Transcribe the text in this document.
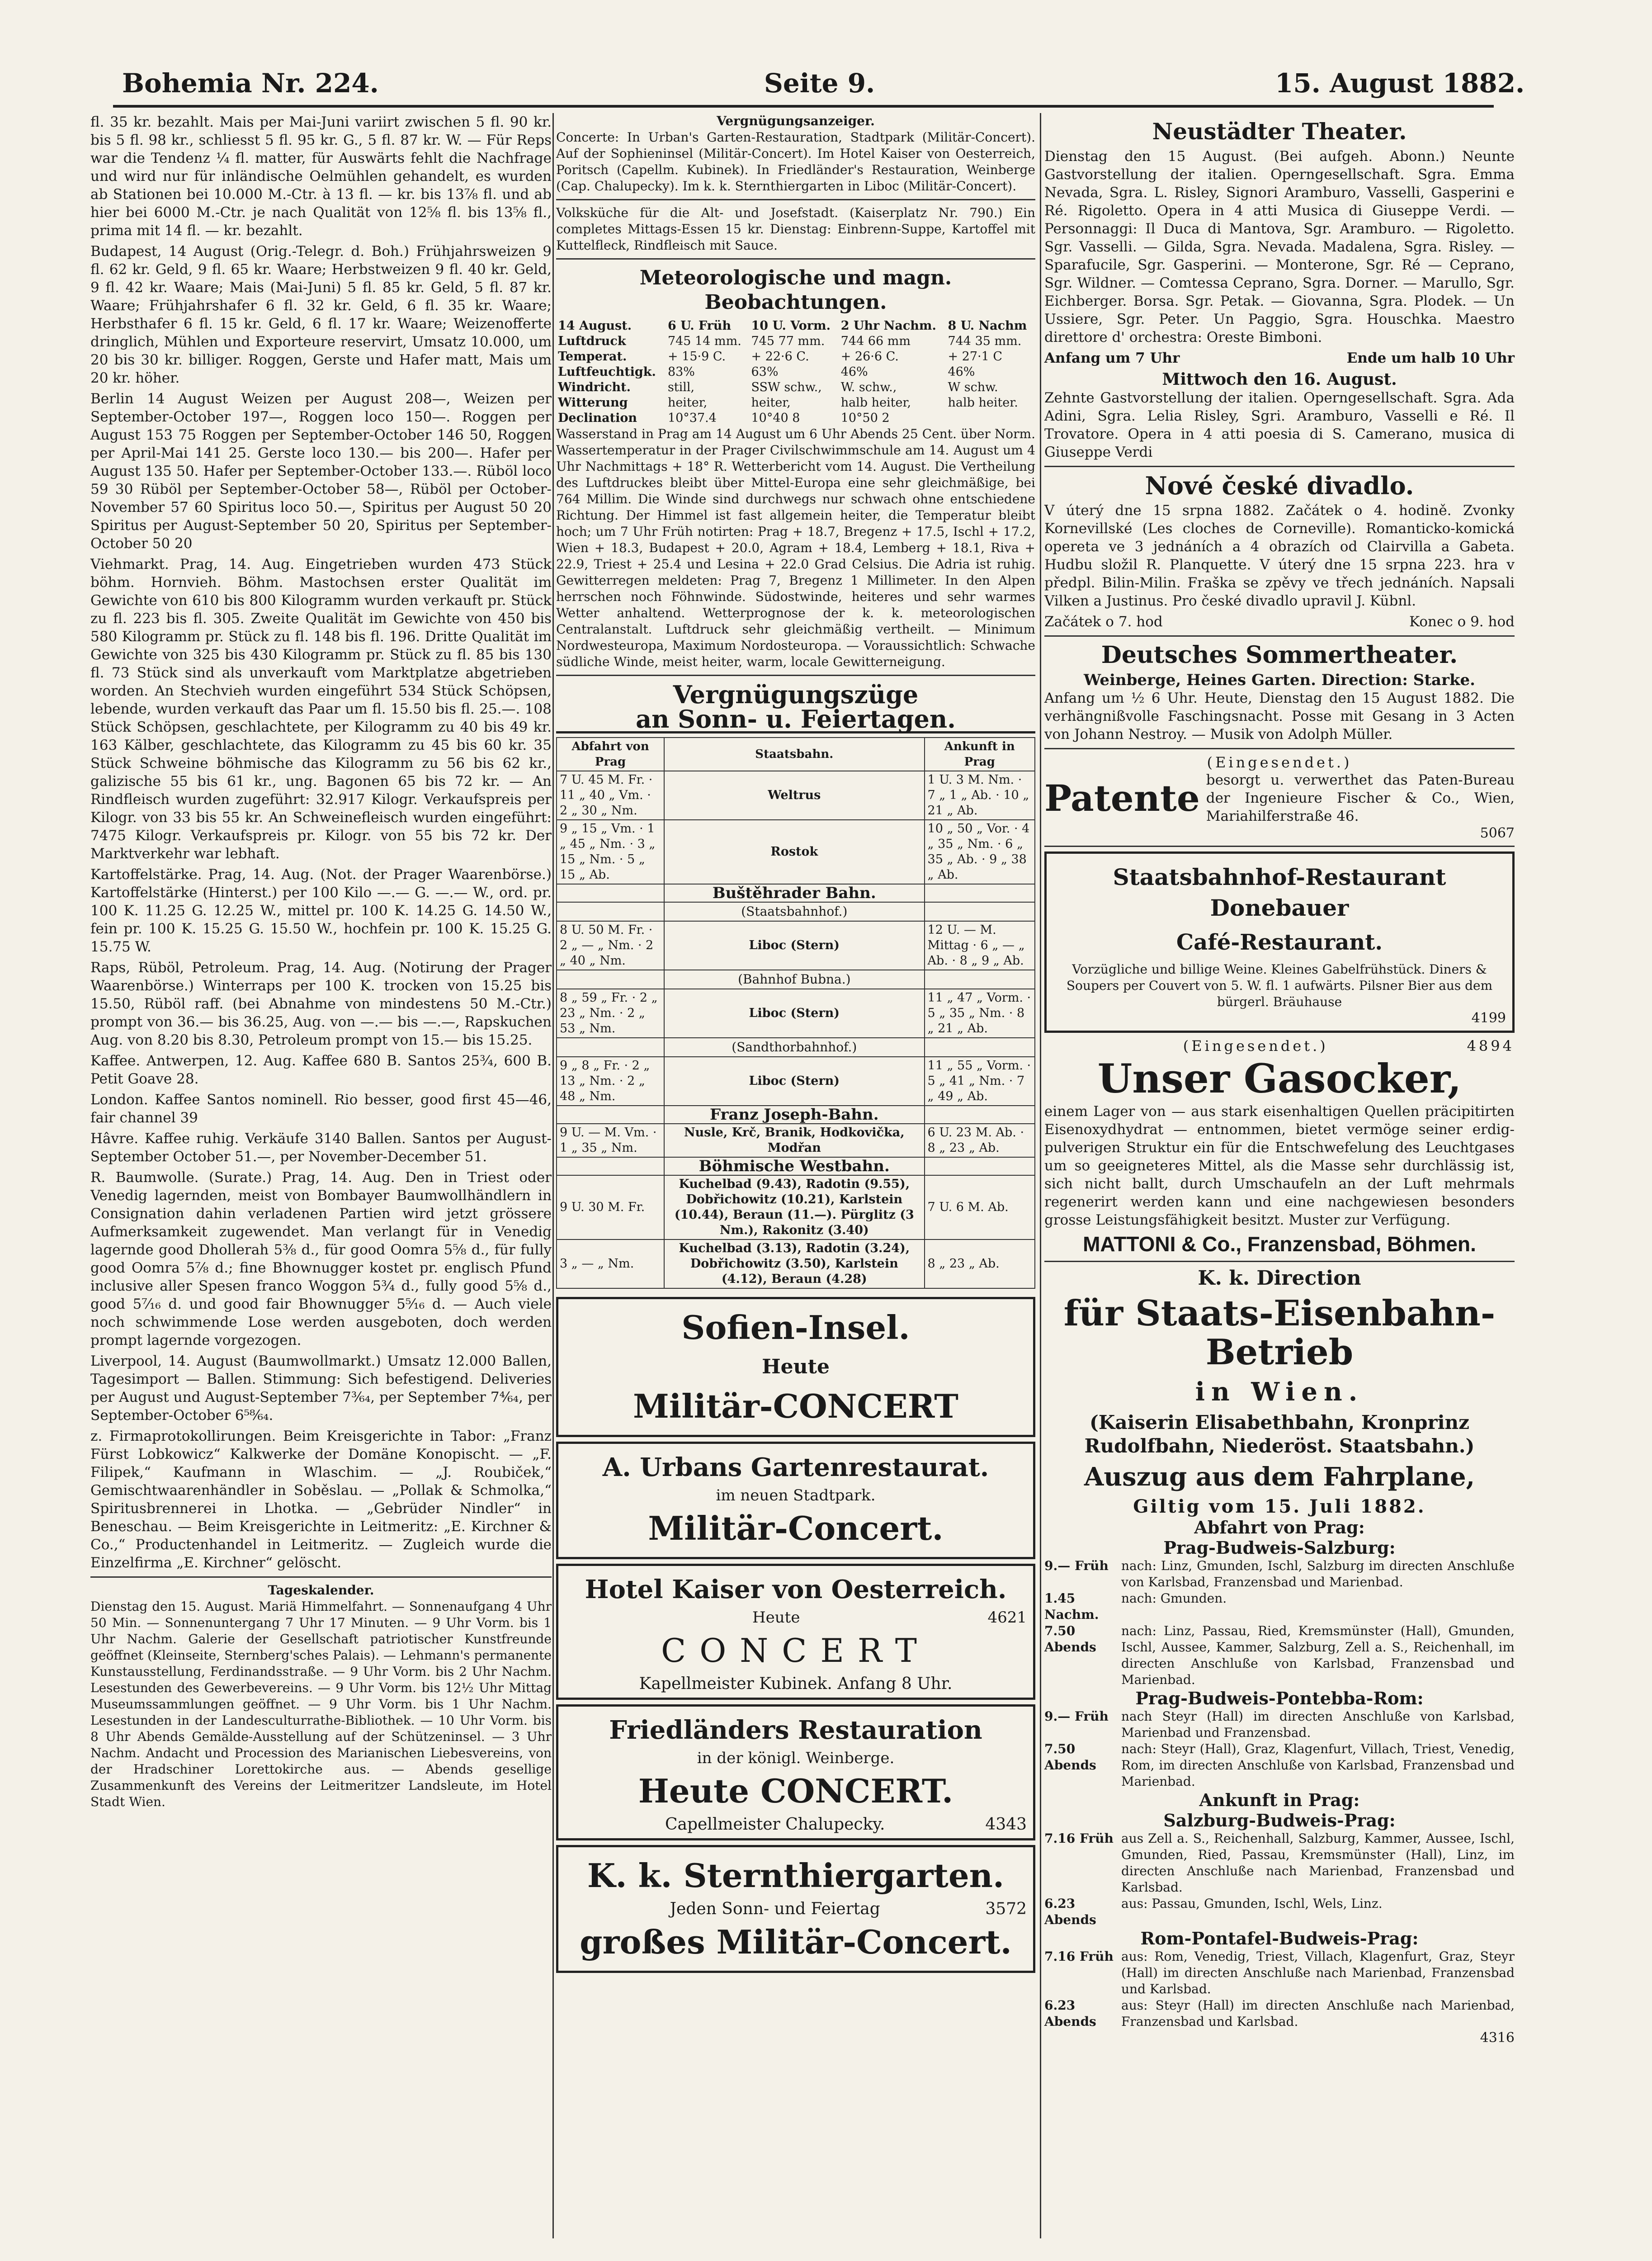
Bohemia Nr. 224.	Seite 9.	15. August 1882.
fl. 35 kr. bezahlt. Mais per Mai-Juni variirt zwischen 5 fl. 90 kr. bis 5 fl. 98 kr., schliesst 5 fl. 95 kr. G., 5 fl. 87 kr. W. — Für Reps war die Tendenz ¼ fl. matter, für Auswärts fehlt die Nachfrage und wird nur für inländische Oelmühlen gehandelt, es wurden ab Stationen bei 10.000 M.-Ctr. à 13 fl. — kr. bis 13⅞ fl. und ab hier bei 6000 M.-Ctr. je nach Qualität von 12⅝ fl. bis 13⅝ fl., prima mit 14 fl. — kr. bezahlt.
Budapest, 14 August (Orig.-Telegr. d. Boh.) Frühjahrsweizen 9 fl. 62 kr. Geld, 9 fl. 65 kr. Waare; Herbstweizen 9 fl. 40 kr. Geld, 9 fl. 42 kr. Waare; Mais (Mai-Juni) 5 fl. 85 kr. Geld, 5 fl. 87 kr. Waare; Frühjahrshafer 6 fl. 32 kr. Geld, 6 fl. 35 kr. Waare; Herbsthafer 6 fl. 15 kr. Geld, 6 fl. 17 kr. Waare; Weizenofferte dringlich, Mühlen und Exporteure reservirt, Umsatz 10.000, um 20 bis 30 kr. billiger. Roggen, Gerste und Hafer matt, Mais um 20 kr. höher.
Berlin 14 August Weizen per August 208—, Weizen per September-October 197—, Roggen loco 150—. Roggen per August 153 75 Roggen per September-October 146 50, Roggen per April-Mai 141 25. Gerste loco 130.— bis 200—. Hafer per August 135 50. Hafer per September-October 133.—. Rüböl loco 59 30 Rüböl per September-October 58—, Rüböl per October-November 57 60 Spiritus loco 50.—, Spiritus per August 50 20 Spiritus per August-September 50 20, Spiritus per September-October 50 20
Viehmarkt. Prag, 14. Aug. Eingetrieben wurden 473 Stück böhm. Hornvieh. Böhm. Mastochsen erster Qualität im Gewichte von 610 bis 800 Kilogramm wurden verkauft pr. Stück zu fl. 223 bis fl. 305. Zweite Qualität im Gewichte von 450 bis 580 Kilogramm pr. Stück zu fl. 148 bis fl. 196. Dritte Qualität im Gewichte von 325 bis 430 Kilogramm pr. Stück zu fl. 85 bis 130 fl. 73 Stück sind als unverkauft vom Marktplatze abgetrieben worden. An Stechvieh wurden eingeführt 534 Stück Schöpsen, lebende, wurden verkauft das Paar um fl. 15.50 bis fl. 25.—. 108 Stück Schöpsen, geschlachtete, per Kilogramm zu 40 bis 49 kr. 163 Kälber, geschlachtete, das Kilogramm zu 45 bis 60 kr. 35 Stück Schweine böhmische das Kilogramm zu 56 bis 62 kr., galizische 55 bis 61 kr., ung. Bagonen 65 bis 72 kr. — An Rindfleisch wurden zugeführt: 32.917 Kilogr. Verkaufspreis per Kilogr. von 33 bis 55 kr. An Schweinefleisch wurden eingeführt: 7475 Kilogr. Verkaufspreis pr. Kilogr. von 55 bis 72 kr. Der Marktverkehr war lebhaft.
Kartoffelstärke. Prag, 14. Aug. (Not. der Prager Waarenbörse.) Kartoffelstärke (Hinterst.) per 100 Kilo —.— G. —.— W., ord. pr. 100 K. 11.25 G. 12.25 W., mittel pr. 100 K. 14.25 G. 14.50 W., fein pr. 100 K. 15.25 G. 15.50 W., hochfein pr. 100 K. 15.25 G. 15.75 W.
Raps, Rüböl, Petroleum. Prag, 14. Aug. (Notirung der Prager Waarenbörse.) Winterraps per 100 K. trocken von 15.25 bis 15.50, Rüböl raff. (bei Abnahme von mindestens 50 M.-Ctr.) prompt von 36.— bis 36.25, Aug. von —.— bis —.—, Rapskuchen Aug. von 8.20 bis 8.30, Petroleum prompt von 15.— bis 15.25.
Kaffee. Antwerpen, 12. Aug. Kaffee 680 B. Santos 25¾, 600 B. Petit Goave 28.
London. Kaffee Santos nominell. Rio besser, good first 45—46, fair channel 39
Hâvre. Kaffee ruhig. Verkäufe 3140 Ballen. Santos per August-September October 51.—, per November-December 51.
R. Baumwolle. (Surate.) Prag, 14. Aug. Den in Triest oder Venedig lagernden, meist von Bombayer Baumwollhändlern in Consignation dahin verladenen Partien wird jetzt grössere Aufmerksamkeit zugewendet. Man verlangt für in Venedig lagernde good Dhollerah 5⅜ d., für good Oomra 5⅝ d., für fully good Oomra 5⅞ d.; fine Bhownugger kostet pr. englisch Pfund inclusive aller Spesen franco Woggon 5¾ d., fully good 5⅝ d., good 5⁷⁄₁₆ d. und good fair Bhownugger 5⁵⁄₁₆ d. — Auch viele noch schwimmende Lose werden ausgeboten, doch werden prompt lagernde vorgezogen.
Liverpool, 14. August (Baumwollmarkt.) Umsatz 12.000 Ballen, Tagesimport — Ballen. Stimmung: Sich befestigend. Deliveries per August und August-September 7³⁄₆₄, per September 7⁴⁄₆₄, per September-October 6⁵⁸⁄₆₄.
z. Firmaprotokollirungen. Beim Kreisgerichte in Tabor: „Franz Fürst Lobkowicz“ Kalkwerke der Domäne Konopischt. — „F. Filipek,“ Kaufmann in Wlaschim. — „J. Roubiček,“ Gemischtwaarenhändler in Soběslau. — „Pollak & Schmolka,“ Spiritusbrennerei in Lhotka. — „Gebrüder Nindler“ in Beneschau. — Beim Kreisgerichte in Leitmeritz: „E. Kirchner & Co.,“ Productenhandel in Leitmeritz. — Zugleich wurde die Einzelfirma „E. Kirchner“ gelöscht.
Tageskalender.
Dienstag den 15. August. Mariä Himmelfahrt. — Sonnenaufgang 4 Uhr 50 Min. — Sonnenuntergang 7 Uhr 17 Minuten. — 9 Uhr Vorm. bis 1 Uhr Nachm. Galerie der Gesellschaft patriotischer Kunstfreunde geöffnet (Kleinseite, Sternberg'sches Palais). — Lehmann's permanente Kunstausstellung, Ferdinandsstraße. — 9 Uhr Vorm. bis 2 Uhr Nachm. Lesestunden des Gewerbevereins. — 9 Uhr Vorm. bis 12½ Uhr Mittag Museumssammlungen geöffnet. — 9 Uhr Vorm. bis 1 Uhr Nachm. Lesestunden in der Landesculturrathe-Bibliothek. — 10 Uhr Vorm. bis 8 Uhr Abends Gemälde-Ausstellung auf der Schützeninsel. — 3 Uhr Nachm. Andacht und Procession des Marianischen Liebesvereins, von der Hradschiner Lorettokirche aus. — Abends gesellige Zusammenkunft des Vereins der Leitmeritzer Landsleute, im Hotel Stadt Wien.
Vergnügungsanzeiger.
Concerte: In Urban's Garten-Restauration, Stadtpark (Militär-Concert). Auf der Sophieninsel (Militär-Concert). Im Hotel Kaiser von Oesterreich, Poritsch (Capellm. Kubinek). In Friedländer's Restauration, Weinberge (Cap. Chalupecky). Im k. k. Sternthiergarten in Liboc (Militär-Concert).
Volksküche für die Alt- und Josefstadt. (Kaiserplatz Nr. 790.) Ein completes Mittags-Essen 15 kr. Dienstag: Einbrenn-Suppe, Kartoffel mit Kuttelfleck, Rindfleisch mit Sauce.
Meteorologische und magn. Beobachtungen.
14 August.	6 U. Früh	10 U. Vorm.	2 Uhr Nachm.	8 U. Nachm
Luftdruck	745 14 mm.	745 77 mm.	744 66 mm	744 35 mm.
Temperat.	+ 15·9 C.	+ 22·6 C.	+ 26·6 C.	+ 27·1 C
Luftfeuchtigk.	83%	63%	46%	46%
Windricht.	still,	SSW schw.,	W. schw.,	W schw.
Witterung	heiter,	heiter,	halb heiter,	halb heiter.
Declination	10°37.4	10°40 8	10°50 2	
Wasserstand in Prag am 14 August um 6 Uhr Abends 25 Cent. über Norm. Wassertemperatur in der Prager Civilschwimmschule am 14. August um 4 Uhr Nachmittags + 18° R. Wetterbericht vom 14. August. Die Vertheilung des Luftdruckes bleibt über Mittel-Europa eine sehr gleichmäßige, bei 764 Millim. Die Winde sind durchwegs nur schwach ohne entschiedene Richtung. Der Himmel ist fast allgemein heiter, die Temperatur bleibt hoch; um 7 Uhr Früh notirten: Prag + 18.7, Bregenz + 17.5, Ischl + 17.2, Wien + 18.3, Budapest + 20.0, Agram + 18.4, Lemberg + 18.1, Riva + 22.9, Triest + 25.4 und Lesina + 22.0 Grad Celsius. Die Adria ist ruhig. Gewitterregen meldeten: Prag 7, Bregenz 1 Millimeter. In den Alpen herrschen noch Föhnwinde. Südostwinde, heiteres und sehr warmes Wetter anhaltend. Wetterprognose der k. k. meteorologischen Centralanstalt. Luftdruck sehr gleichmäßig vertheilt. — Minimum Nordwesteuropa, Maximum Nordosteuropa. — Voraussichtlich: Schwache südliche Winde, meist heiter, warm, locale Gewitterneigung.
Vergnügungszüge
an Sonn- u. Feiertagen.
Abfahrt von Prag	Staatsbahn.	Ankunft in Prag
7 U. 45 M. Fr. · 11 „ 40 „ Vm. · 2 „ 30 „ Nm.	Weltrus	1 U. 3 M. Nm. · 7 „ 1 „ Ab. · 10 „ 21 „ Ab.
9 „ 15 „ Vm. · 1 „ 45 „ Nm. · 3 „ 15 „ Nm. · 5 „ 15 „ Ab.	Rostok	10 „ 50 „ Vor. · 4 „ 35 „ Nm. · 6 „ 35 „ Ab. · 9 „ 38 „ Ab.
	Buštěhrader Bahn.	
	(Staatsbahnhof.)	
8 U. 50 M. Fr. · 2 „ — „ Nm. · 2 „ 40 „ Nm.	Liboc (Stern)	12 U. — M. Mittag · 6 „ — „ Ab. · 8 „ 9 „ Ab.
	(Bahnhof Bubna.)	
8 „ 59 „ Fr. · 2 „ 23 „ Nm. · 2 „ 53 „ Nm.	Liboc (Stern)	11 „ 47 „ Vorm. · 5 „ 35 „ Nm. · 8 „ 21 „ Ab.
	(Sandthorbahnhof.)	
9 „ 8 „ Fr. · 2 „ 13 „ Nm. · 2 „ 48 „ Nm.	Liboc (Stern)	11 „ 55 „ Vorm. · 5 „ 41 „ Nm. · 7 „ 49 „ Ab.
	Franz Joseph-Bahn.	
9 U. — M. Vm. · 1 „ 35 „ Nm.	Nusle, Krč, Branik, Hodkovička, Modřan	6 U. 23 M. Ab. · 8 „ 23 „ Ab.
	Böhmische Westbahn.	
9 U. 30 M. Fr.	Kuchelbad (9.43), Radotin (9.55), Dobřichowitz (10.21), Karlstein (10.44), Beraun (11.—). Pürglitz (3 Nm.), Rakonitz (3.40)	7 U. 6 M. Ab.
3 „ — „ Nm.	Kuchelbad (3.13), Radotin (3.24), Dobřichowitz (3.50), Karlstein (4.12), Beraun (4.28)	8 „ 23 „ Ab.
Sofien-Insel.
Heute
Militär-CONCERT
A. Urbans Gartenrestaurat.
im neuen Stadtpark.
Militär-Concert.
Hotel Kaiser von Oesterreich.
Heute	4621
CONCERT
Kapellmeister Kubinek. Anfang 8 Uhr.
Friedländers Restauration
in der königl. Weinberge.
Heute CONCERT.
Capellmeister Chalupecky.	4343
K. k. Sternthiergarten.
Jeden Sonn- und Feiertag	3572
großes Militär-Concert.
Neustädter Theater.
Dienstag den 15 August. (Bei aufgeh. Abonn.) Neunte Gastvorstellung der italien. Operngesellschaft. Sgra. Emma Nevada, Sgra. L. Risley, Signori Aramburo, Vasselli, Gasperini e Ré. Rigoletto. Opera in 4 atti Musica di Giuseppe Verdi. — Personnaggi: Il Duca di Mantova, Sgr. Aramburo. — Rigoletto. Sgr. Vasselli. — Gilda, Sgra. Nevada. Madalena, Sgra. Risley. — Sparafucile, Sgr. Gasperini. — Monterone, Sgr. Ré — Ceprano, Sgr. Wildner. — Comtessa Ceprano, Sgra. Dorner. — Marullo, Sgr. Eichberger. Borsa. Sgr. Petak. — Giovanna, Sgra. Plodek. — Un Ussiere, Sgr. Peter. Un Paggio, Sgra. Houschka. Maestro direttore d' orchestra: Oreste Bimboni.
Anfang um 7 Uhr	Ende um halb 10 Uhr
Mittwoch den 16. August.
Zehnte Gastvorstellung der italien. Operngesellschaft. Sgra. Ada Adini, Sgra. Lelia Risley, Sgri. Aramburo, Vasselli e Ré. Il Trovatore. Opera in 4 atti poesia di S. Camerano, musica di Giuseppe Verdi
Nové české divadlo.
V úterý dne 15 srpna 1882. Začátek o 4. hodině. Zvonky Kornevillské (Les cloches de Corneville). Romanticko-komická opereta ve 3 jednáních a 4 obrazích od Clairvilla a Gabeta. Hudbu složil R. Planquette. V úterý dne 15 srpna 223. hra v předpl. Bilin-Milin. Fraška se zpěvy ve třech jednáních. Napsali Vilken a Justinus. Pro české divadlo upravil J. Kübnl.
Začátek o 7. hod	Konec o 9. hod
Deutsches Sommertheater.
Weinberge, Heines Garten. Direction: Starke.
Anfang um ½ 6 Uhr. Heute, Dienstag den 15 August 1882. Die verhängnißvolle Faschingsnacht. Posse mit Gesang in 3 Acten von Johann Nestroy. — Musik von Adolph Müller.
(Eingesendet.)
Patente besorgt u. verwerthet das Paten-Bureau der Ingenieure Fischer & Co., Wien, Mariahilferstraße 46.
5067
Staatsbahnhof-Restaurant Donebauer
Café-Restaurant.
Vorzügliche und billige Weine. Kleines Gabelfrühstück. Diners & Soupers per Couvert von 5. W. fl. 1 aufwärts. Pilsner Bier aus dem bürgerl. Bräuhause
4199
(Eingesendet.)	4894
Unser Gasocker,
einem Lager von — aus stark eisenhaltigen Quellen präcipitirten Eisenoxydhydrat — entnommen, bietet vermöge seiner erdig-pulverigen Struktur ein für die Entschwefelung des Leuchtgases um so geeigneteres Mittel, als die Masse sehr durchlässig ist, sich nicht ballt, durch Umschaufeln an der Luft mehrmals regenerirt werden kann und eine nachgewiesen besonders grosse Leistungsfähigkeit besitzt. Muster zur Verfügung.
MATTONI & Co., Franzensbad, Böhmen.
K. k. Direction
für Staats-Eisenbahn-Betrieb
in Wien.
(Kaiserin Elisabethbahn, Kronprinz Rudolfbahn, Niederöst. Staatsbahn.)
Auszug aus dem Fahrplane,
Giltig vom 15. Juli 1882.
Abfahrt von Prag:
Prag-Budweis-Salzburg:
9.— Früh	nach: Linz, Gmunden, Ischl, Salzburg im directen Anschluße von Karlsbad, Franzensbad und Marienbad.
1.45 Nachm.
nach: Gmunden.
7.50 Abends
nach: Linz, Passau, Ried, Kremsmünster (Hall), Gmunden, Ischl, Aussee, Kammer, Salzburg, Zell a. S., Reichenhall, im directen Anschluße von Karlsbad, Franzensbad und Marienbad.
Prag-Budweis-Pontebba-Rom:
9.— Früh	nach Steyr (Hall) im directen Anschluße von Karlsbad, Marienbad und Franzensbad.
7.50 Abends
nach: Steyr (Hall), Graz, Klagenfurt, Villach, Triest, Venedig, Rom, im directen Anschluße von Karlsbad, Franzensbad und Marienbad.
Ankunft in Prag:
Salzburg-Budweis-Prag:
7.16 Früh aus Zell a. S., Reichenhall, Salzburg, Kammer, Aussee, Ischl, Gmunden, Ried, Passau, Kremsmünster (Hall), Linz, im directen Anschluße nach Marienbad, Franzensbad und Karlsbad.
6.23 Abends
aus: Passau, Gmunden, Ischl, Wels, Linz.
Rom-Pontafel-Budweis-Prag:
7.16 Früh aus: Rom, Venedig, Triest, Villach, Klagenfurt, Graz, Steyr (Hall) im directen Anschluße nach Marienbad, Franzensbad und Karlsbad.
6.23 Abends
aus: Steyr (Hall) im directen Anschluße nach Marienbad, Franzensbad und Karlsbad.
4316
